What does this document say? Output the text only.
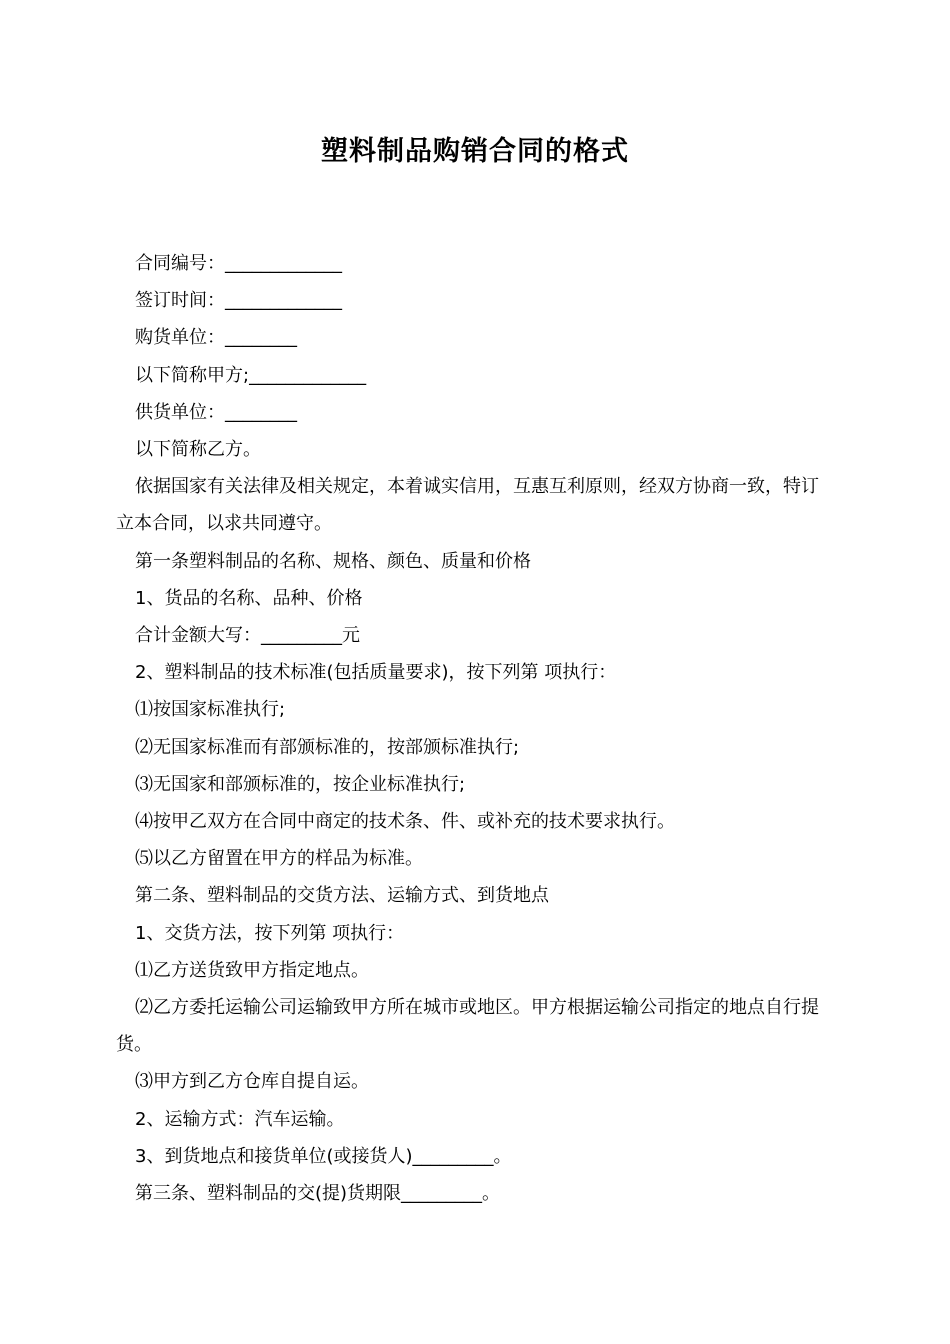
塑料制品购销合同的格式

合同编号：_____________

签订时间：_____________

购货单位：________

以下简称甲方;_____________

供货单位：________

以下简称乙方。

依据国家有关法律及相关规定，本着诚实信用，互惠互利原则，经双方协商一致，特订立本合同，以求共同遵守。

第一条塑料制品的名称、规格、颜色、质量和价格

1、货品的名称、品种、价格

合计金额大写：_________元

2、塑料制品的技术标准(包括质量要求)，按下列第 项执行：

⑴按国家标准执行;

⑵无国家标准而有部颁标准的，按部颁标准执行;

⑶无国家和部颁标准的，按企业标准执行;

⑷按甲乙双方在合同中商定的技术条、件、或补充的技术要求执行。

⑸以乙方留置在甲方的样品为标准。

第二条、塑料制品的交货方法、运输方式、到货地点

1、交货方法，按下列第 项执行：

⑴乙方送货致甲方指定地点。

⑵乙方委托运输公司运输致甲方所在城市或地区。甲方根据运输公司指定的地点自行提货。

⑶甲方到乙方仓库自提自运。

2、运输方式：汽车运输。

3、到货地点和接货单位(或接货人)_________。

第三条、塑料制品的交(提)货期限_________。
